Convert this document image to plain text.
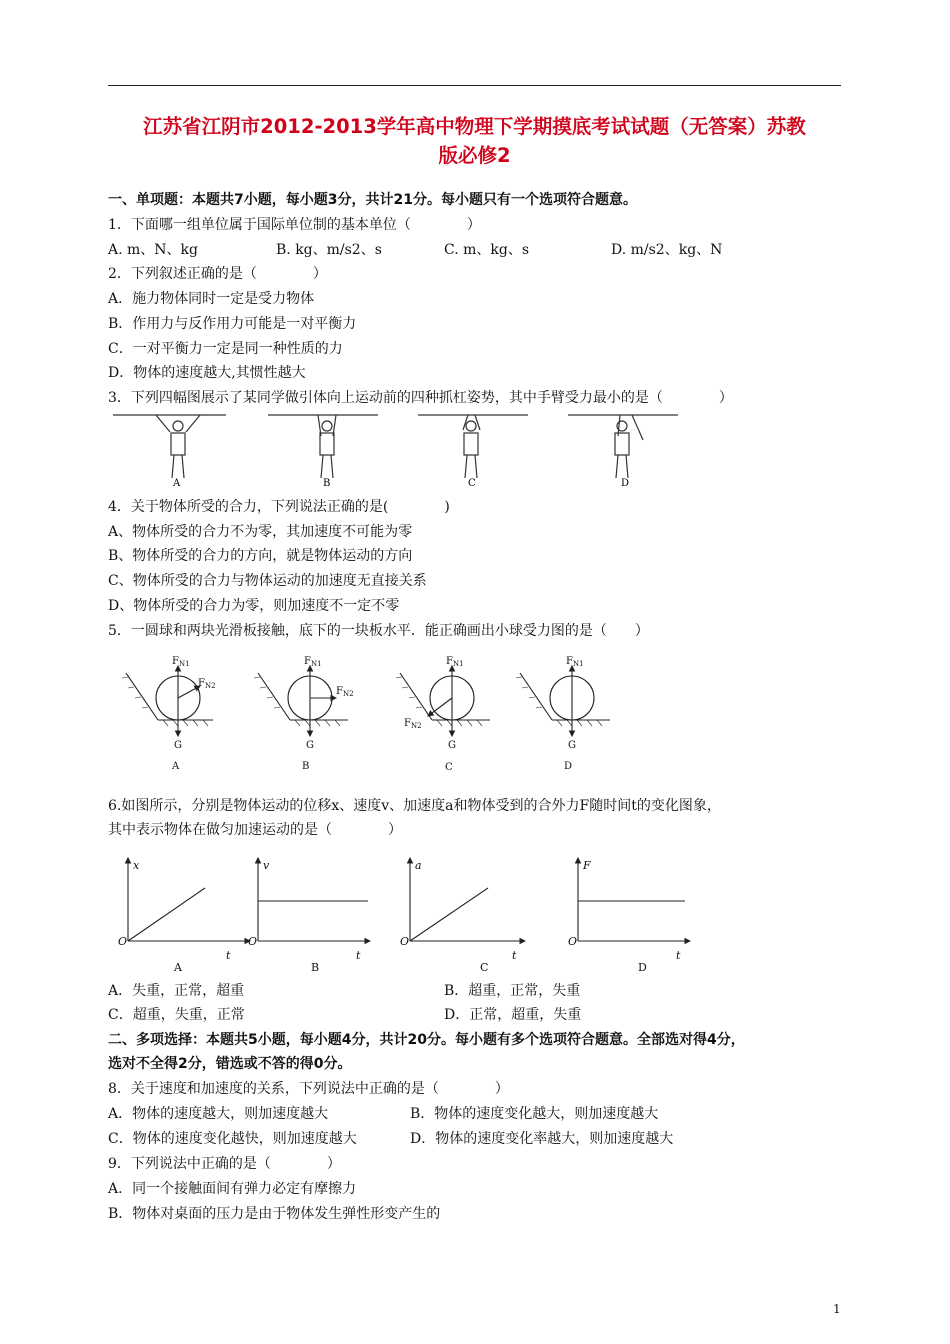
江苏省江阴市2012-2013学年高中物理下学期摸底考试试题（无答案）苏教
版必修2
一、单项题：本题共7小题，每小题3分，共计21分。每小题只有一个选项符合题意。
1．下面哪一组单位属于国际单位制的基本单位（　　　　）
A. m、N、kg	B. kg、m/s2、s	C. m、kg、s	D. m/s2、kg、N
2．下列叙述正确的是（　　　　）
A．施力物体同时一定是受力物体
B．作用力与反作用力可能是一对平衡力
C．一对平衡力一定是同一种性质的力
D．物体的速度越大,其惯性越大
3．下列四幅图展示了某同学做引体向上运动前的四种抓杠姿势，其中手臂受力最小的是（　　　　）
A	B	C	D
4．关于物体所受的合力，下列说法正确的是(　　　　)
A、物体所受的合力不为零，其加速度不可能为零
B、物体所受的合力的方向，就是物体运动的方向
C、物体所受的合力与物体运动的加速度无直接关系
D、物体所受的合力为零，则加速度不一定不零
5．一圆球和两块光滑板接触，底下的一块板水平．能正确画出小球受力图的是（　　）
$F_{N1}$
$F_{N2}$
G
A
$F_{N1}$
$F_{N2}$
G
B
$F_{N1}$
$F_{N2}$
G
C
$F_{N1}$
G
D
6.如图所示，分别是物体运动的位移x、速度v、加速度a和物体受到的合外力F随时间t的变化图象，
其中表示物体在做匀加速运动的是（　　　　）
x	v	a	F
O	O	O	O
t	t	t	t
A	B	C	D
A．失重，正常，超重	B．超重，正常，失重
C．超重，失重，正常	D．正常，超重，失重
二、多项选择：本题共5小题，每小题4分，共计20分。每小题有多个选项符合题意。全部选对得4分，
选对不全得2分，错选或不答的得0分。
8．关于速度和加速度的关系，下列说法中正确的是（　　　　）
A．物体的速度越大，则加速度越大	B．物体的速度变化越大，则加速度越大
C．物体的速度变化越快，则加速度越大	D．物体的速度变化率越大，则加速度越大
9．下列说法中正确的是（　　　　）
A．同一个接触面间有弹力必定有摩擦力
B．物体对桌面的压力是由于物体发生弹性形变产生的
1
